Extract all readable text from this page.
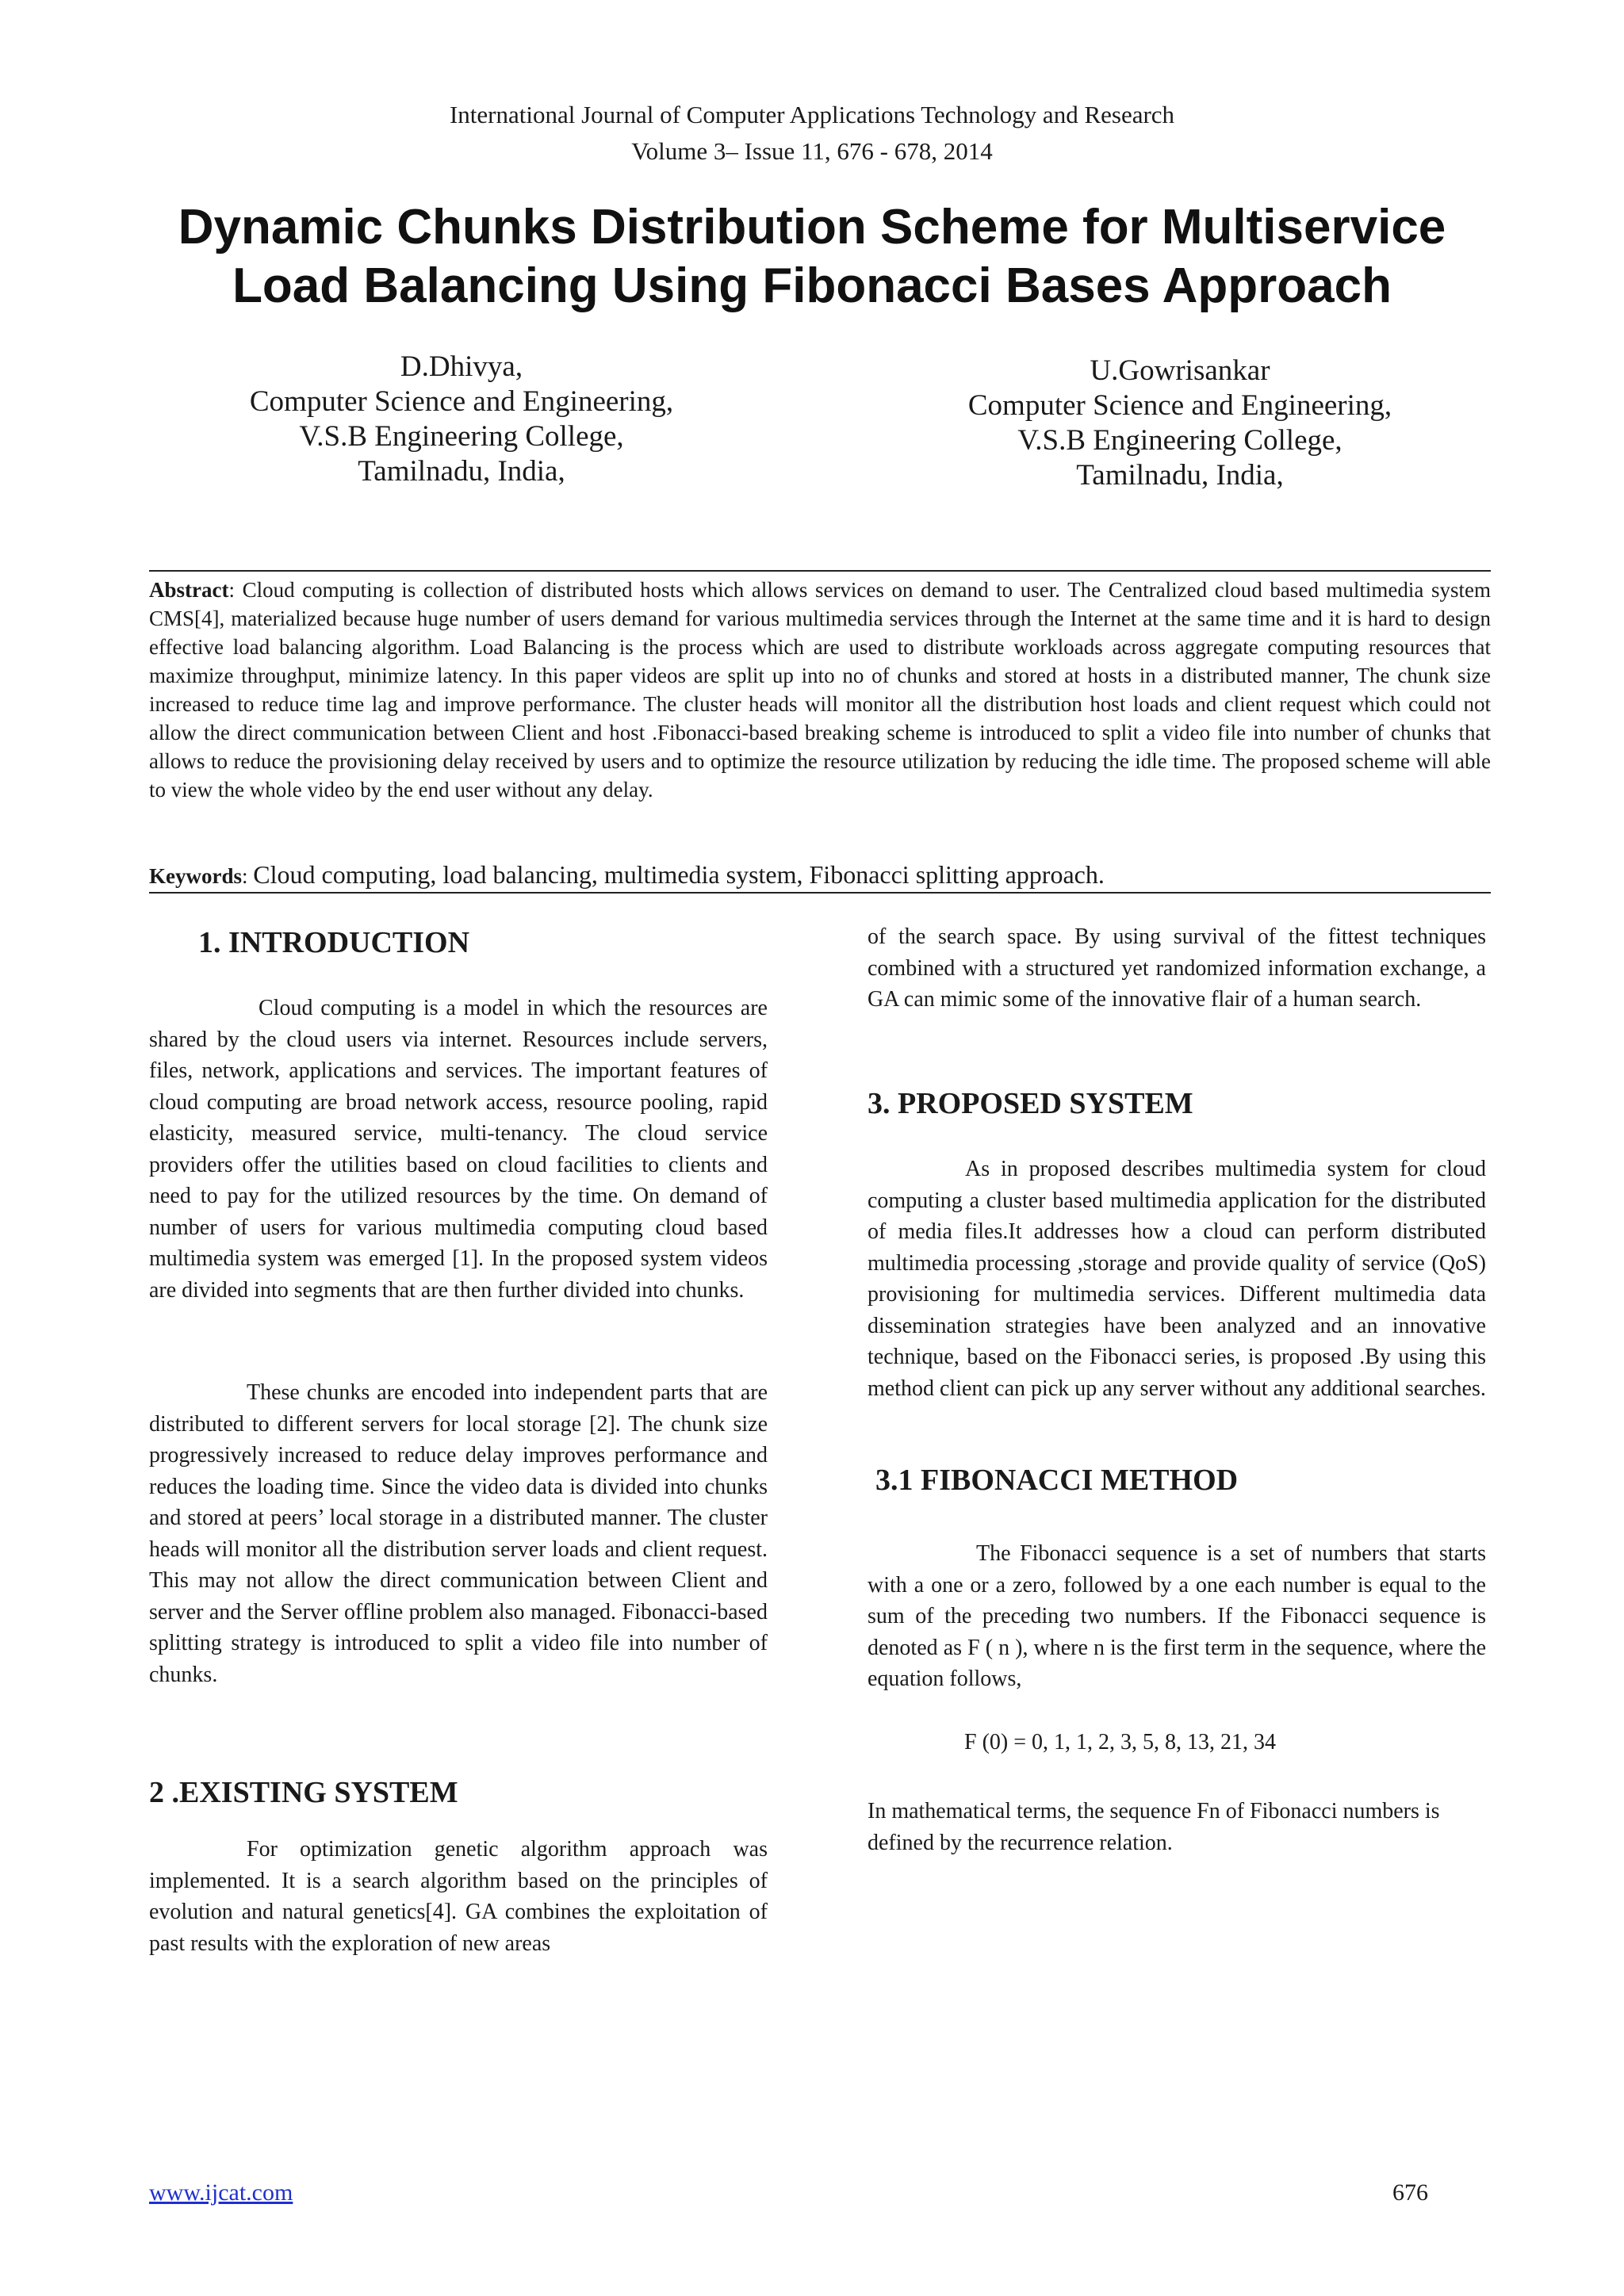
International Journal of Computer Applications Technology and Research
Volume 3– Issue 11, 676 - 678, 2014
Dynamic Chunks Distribution Scheme for Multiservice
Load Balancing Using Fibonacci Bases Approach
D.Dhivya,
Computer Science and Engineering,
V.S.B Engineering College,
Tamilnadu, India,
U.Gowrisankar
Computer Science and Engineering,
V.S.B Engineering College,
Tamilnadu, India,
Abstract: Cloud computing is collection of distributed hosts which allows services on demand to user. The Centralized cloud based multimedia system CMS[4], materialized because huge number of users demand for various multimedia services through the Internet at the same time and it is hard to design effective load balancing algorithm. Load Balancing is the process which are used to distribute workloads across aggregate computing resources that maximize throughput, minimize latency. In this paper videos are split up into no of chunks and stored at hosts in a distributed manner, The chunk size increased to reduce time lag and improve performance. The cluster heads will monitor all the distribution host loads and client request which could not allow the direct communication between Client and host .Fibonacci-based breaking scheme is introduced to split a video file into number of chunks that allows to reduce the provisioning delay received by users and to optimize the resource utilization by reducing the idle time. The proposed scheme will able to view the whole video by the end user without any delay.
Keywords: Cloud computing, load balancing, multimedia system, Fibonacci splitting approach.
1. INTRODUCTION

Cloud computing is a model in which the resources are shared by the cloud users via internet. Resources include servers, files, network, applications and services. The important features of cloud computing are broad network access, resource pooling, rapid elasticity, measured service, multi-tenancy. The cloud service providers offer the utilities based on cloud facilities to clients and need to pay for the utilized resources by the time. On demand of number of users for various multimedia computing cloud based multimedia system was emerged [1]. In the proposed system videos are divided into segments that are then further divided into chunks.

These chunks are encoded into independent parts that are distributed to different servers for local storage [2]. The chunk size progressively increased to reduce delay improves performance and reduces the loading time. Since the video data is divided into chunks and stored at peers’ local storage in a distributed manner. The cluster heads will monitor all the distribution server loads and client request. This may not allow the direct communication between Client and server and the Server offline problem also managed. Fibonacci-based splitting strategy is introduced to split a video file into number of chunks.

2 .EXISTING SYSTEM

For optimization genetic algorithm approach was implemented. It is a search algorithm based on the principles of evolution and natural genetics[4]. GA combines the exploitation of past results with the exploration of new areas

of the search space. By using survival of the fittest techniques combined with a structured yet randomized information exchange, a GA can mimic some of the innovative flair of a human search.

3. PROPOSED SYSTEM

As in proposed describes multimedia system for cloud computing a cluster based multimedia application for the distributed of media files.It addresses how a cloud can perform distributed multimedia processing ,storage and provide quality of service (QoS) provisioning for multimedia services. Different multimedia data dissemination strategies have been analyzed and an innovative technique, based on the Fibonacci series, is proposed .By using this method client can pick up any server without any additional searches.

3.1 FIBONACCI METHOD

The Fibonacci sequence is a set of numbers that starts with a one or a zero, followed by a one each number is equal to the sum of the preceding two numbers. If the Fibonacci sequence is denoted as F ( n ), where n is the first term in the sequence, where the equation follows,

F (0) = 0, 1, 1, 2, 3, 5, 8, 13, 21, 34

In mathematical terms, the sequence Fn of Fibonacci numbers is defined by the recurrence relation.

www.ijcat.com	676
